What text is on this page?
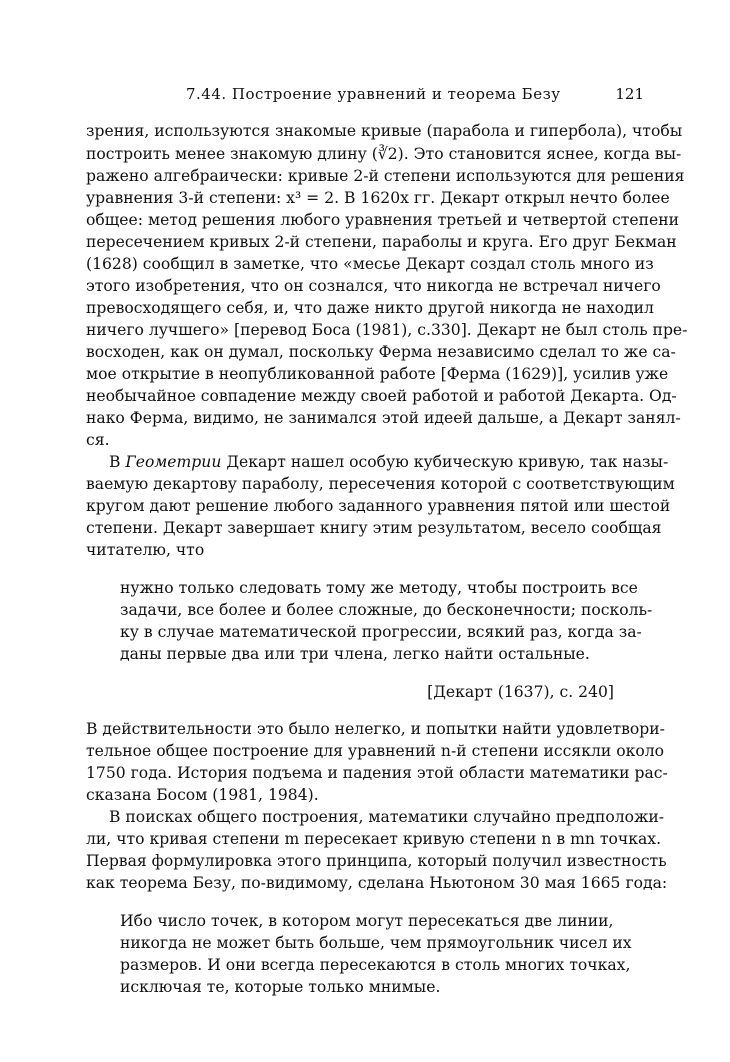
7.44. Построение уравнений и теорема Безу	121
зрения, используются знакомые кривые (парабола и гипербола), чтобы
построить менее знакомую длину (∛2). Это становится яснее, когда вы-
ражено алгебраически: кривые 2-й степени используются для решения
уравнения 3-й степени: x³ = 2. В 1620х гг. Декарт открыл нечто более
общее: метод решения любого уравнения третьей и четвертой степени
пересечением кривых 2-й степени, параболы и круга. Его друг Бекман
(1628) сообщил в заметке, что «месье Декарт создал столь много из
этого изобретения, что он сознался, что никогда не встречал ничего
превосходящего себя, и, что даже никто другой никогда не находил
ничего лучшего» [перевод Боса (1981), с.330]. Декарт не был столь пре-
восходен, как он думал, поскольку Ферма независимо сделал то же са-
мое открытие в неопубликованной работе [Ферма (1629)], усилив уже
необычайное совпадение между своей работой и работой Декарта. Од-
нако Ферма, видимо, не занимался этой идеей дальше, а Декарт занял-
ся.
В Геометрии Декарт нашел особую кубическую кривую, так назы-
ваемую декартову параболу, пересечения которой с соответствующим
кругом дают решение любого заданного уравнения пятой или шестой
степени. Декарт завершает книгу этим результатом, весело сообщая
читателю, что
нужно только следовать тому же методу, чтобы построить все
задачи, все более и более сложные, до бесконечности; посколь-
ку в случае математической прогрессии, всякий раз, когда за-
даны первые два или три члена, легко найти остальные.
[Декарт (1637), с. 240]
В действительности это было нелегко, и попытки найти удовлетвори-
тельное общее построение для уравнений n-й степени иссякли около
1750 года. История подъема и падения этой области математики рас-
сказана Босом (1981, 1984).
В поисках общего построения, математики случайно предположи-
ли, что кривая степени m пересекает кривую степени n в mn точках.
Первая формулировка этого принципа, который получил известность
как теорема Безу, по-видимому, сделана Ньютоном 30 мая 1665 года:
Ибо число точек, в котором могут пересекаться две линии,
никогда не может быть больше, чем прямоугольник чисел их
размеров. И они всегда пересекаются в столь многих точках,
исключая те, которые только мнимые.
